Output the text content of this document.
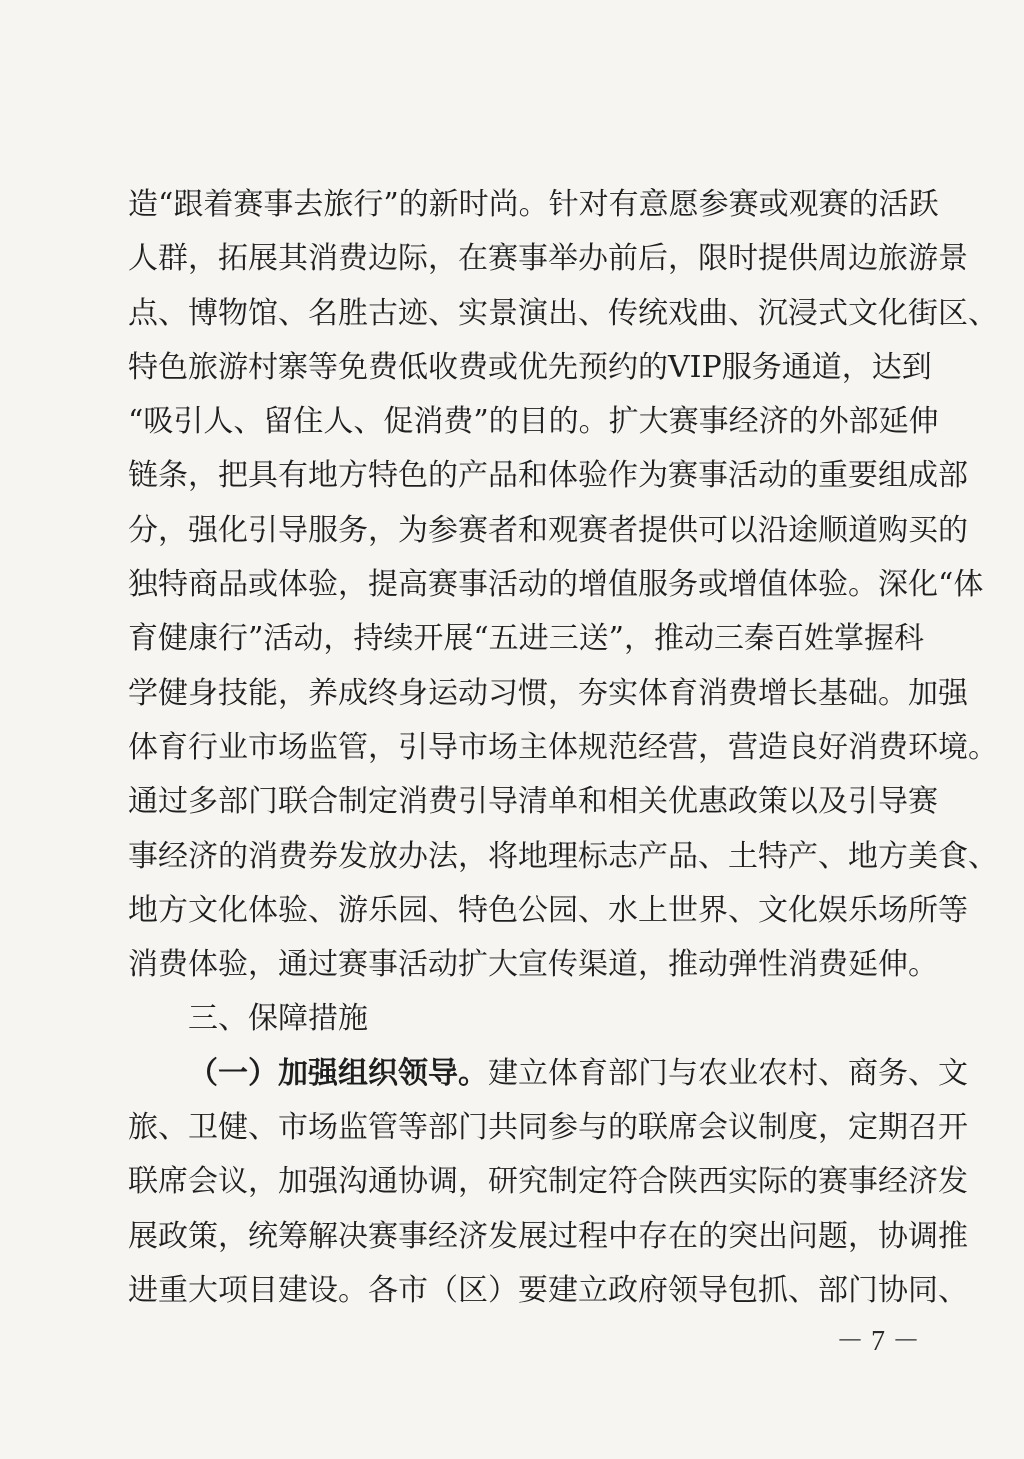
造“跟着赛事去旅行”的新时尚。针对有意愿参赛或观赛的活跃
人群，拓展其消费边际，在赛事举办前后，限时提供周边旅游景
点、博物馆、名胜古迹、实景演出、传统戏曲、沉浸式文化街区、
特色旅游村寨等免费低收费或优先预约的VIP服务通道，达到
“吸引人、留住人、促消费”的目的。扩大赛事经济的外部延伸
链条，把具有地方特色的产品和体验作为赛事活动的重要组成部
分，强化引导服务，为参赛者和观赛者提供可以沿途顺道购买的
独特商品或体验，提高赛事活动的增值服务或增值体验。深化“体
育健康行”活动，持续开展“五进三送”，推动三秦百姓掌握科
学健身技能，养成终身运动习惯，夯实体育消费增长基础。加强
体育行业市场监管，引导市场主体规范经营，营造良好消费环境。
通过多部门联合制定消费引导清单和相关优惠政策以及引导赛
事经济的消费券发放办法，将地理标志产品、土特产、地方美食、
地方文化体验、游乐园、特色公园、水上世界、文化娱乐场所等
消费体验，通过赛事活动扩大宣传渠道，推动弹性消费延伸。
三、保障措施
（一）加强组织领导。 建立体育部门与农业农村、商务、文
旅、卫健、市场监管等部门共同参与的联席会议制度，定期召开
联席会议，加强沟通协调，研究制定符合陕西实际的赛事经济发
展政策，统筹解决赛事经济发展过程中存在的突出问题，协调推
进重大项目建设。各市（区）要建立政府领导包抓、部门协同、
－ 7 －
